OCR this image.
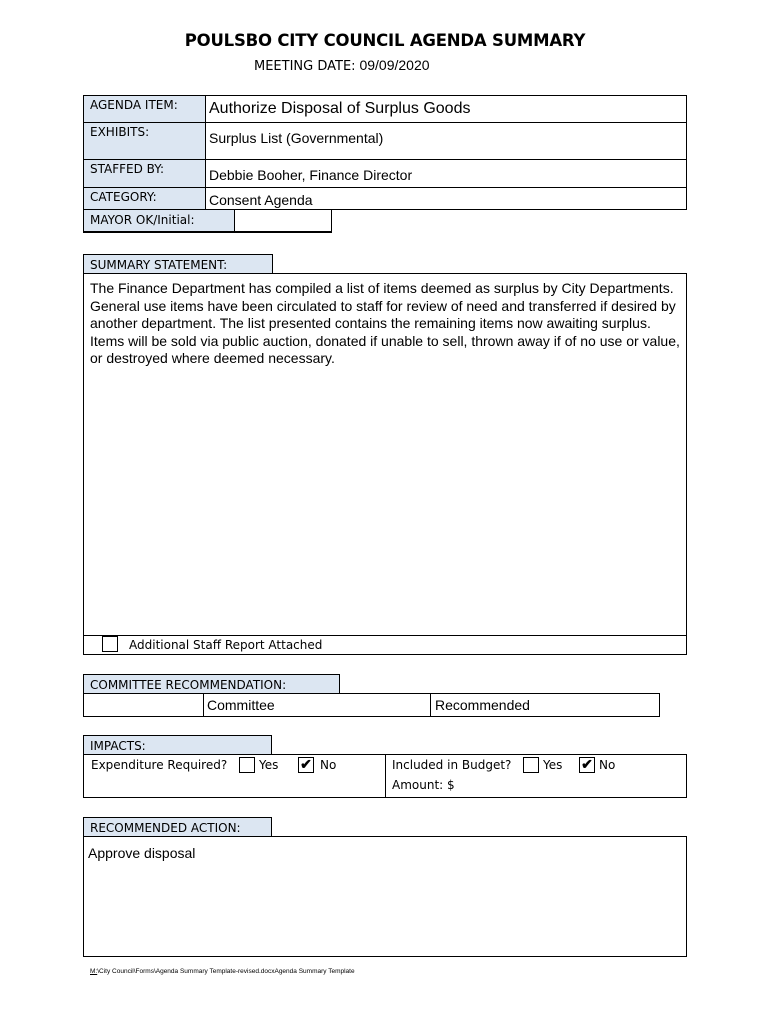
POULSBO CITY COUNCIL AGENDA SUMMARY
MEETING DATE: 09/09/2020
AGENDA ITEM:	Authorize Disposal of Surplus Goods
EXHIBITS:	Surplus List (Governmental)
STAFFED BY:	Debbie Booher, Finance Director
CATEGORY:	Consent Agenda
MAYOR OK/Initial:
SUMMARY STATEMENT:
The Finance Department has compiled a list of items deemed as surplus by City Departments. General use items have been circulated to staff for review of need and transferred if desired by another department. The list presented contains the remaining items now awaiting surplus. Items will be sold via public auction, donated if unable to sell, thrown away if of no use or value, or destroyed where deemed necessary.
Additional Staff Report Attached
COMMITTEE RECOMMENDATION:
Committee	Recommended
IMPACTS:
Expenditure Required?	Yes ✔ No	Included in Budget?	Yes ✔ No
Amount: $
RECOMMENDED ACTION:
Approve disposal
M:\City Council\Forms\Agenda Summary Template-revised.docxAgenda Summary Template
